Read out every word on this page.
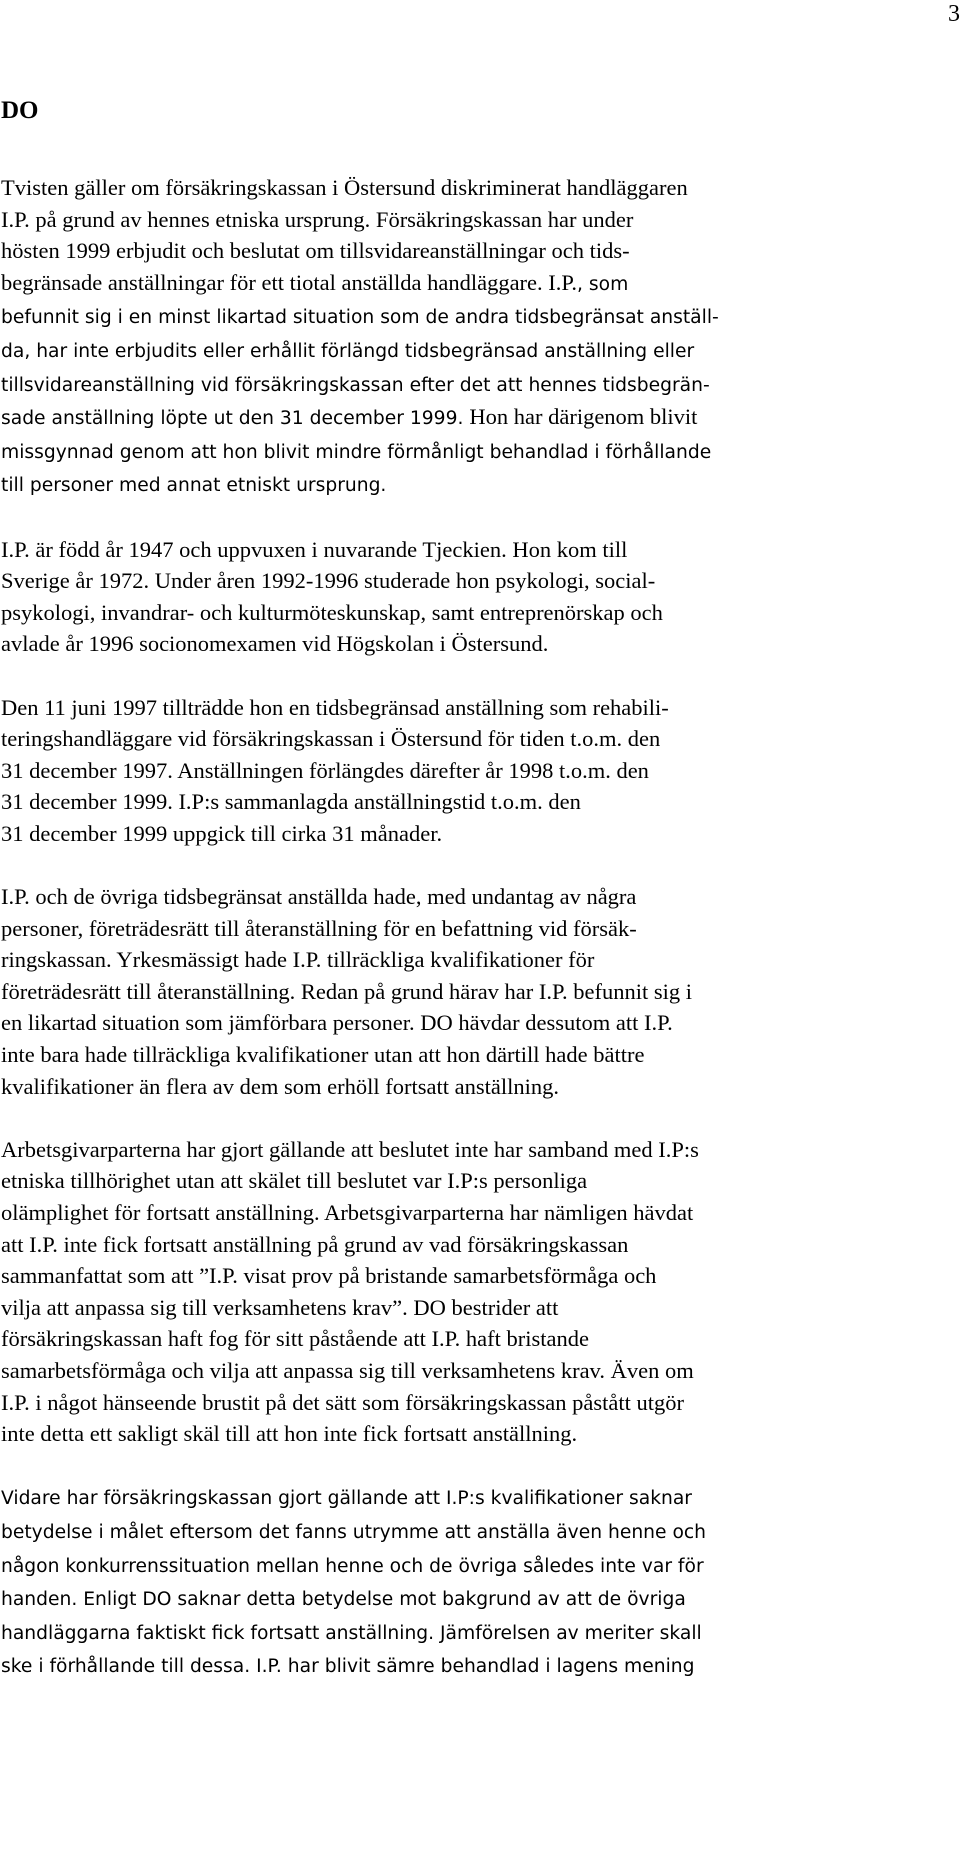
3
DO
Tvisten gäller om försäkringskassan i Östersund diskriminerat handläggaren
I.P. på grund av hennes etniska ursprung. Försäkringskassan har under
hösten 1999 erbjudit och beslutat om tillsvidareanställningar och tids-
begränsade anställningar för ett tiotal anställda handläggare. I.P., som
befunnit sig i en minst likartad situation som de andra tidsbegränsat anställ-
da, har inte erbjudits eller erhållit förlängd tidsbegränsad anställning eller
tillsvidareanställning vid försäkringskassan efter det att hennes tidsbegrän-
sade anställning löpte ut den 31 december 1999. Hon har därigenom blivit
missgynnad genom att hon blivit mindre förmånligt behandlad i förhållande
till personer med annat etniskt ursprung.
I.P. är född år 1947 och uppvuxen i nuvarande Tjeckien. Hon kom till
Sverige år 1972. Under åren 1992-1996 studerade hon psykologi, social-
psykologi, invandrar- och kulturmöteskunskap, samt entreprenörskap och
avlade år 1996 socionomexamen vid Högskolan i Östersund.
Den 11 juni 1997 tillträdde hon en tidsbegränsad anställning som rehabili-
teringshandläggare vid försäkringskassan i Östersund för tiden t.o.m. den
31 december 1997. Anställningen förlängdes därefter år 1998 t.o.m. den
31 december 1999. I.P:s sammanlagda anställningstid t.o.m. den
31 december 1999 uppgick till cirka 31 månader.
I.P. och de övriga tidsbegränsat anställda hade, med undantag av några
personer, företrädesrätt till återanställning för en befattning vid försäk-
ringskassan. Yrkesmässigt hade I.P. tillräckliga kvalifikationer för
företrädesrätt till återanställning. Redan på grund härav har I.P. befunnit sig i
en likartad situation som jämförbara personer. DO hävdar dessutom att I.P.
inte bara hade tillräckliga kvalifikationer utan att hon därtill hade bättre
kvalifikationer än flera av dem som erhöll fortsatt anställning.
Arbetsgivarparterna har gjort gällande att beslutet inte har samband med I.P:s
etniska tillhörighet utan att skälet till beslutet var I.P:s personliga
olämplighet för fortsatt anställning. Arbetsgivarparterna har nämligen hävdat
att I.P. inte fick fortsatt anställning på grund av vad försäkringskassan
sammanfattat som att ”I.P. visat prov på bristande samarbetsförmåga och
vilja att anpassa sig till verksamhetens krav”. DO bestrider att
försäkringskassan haft fog för sitt påstående att I.P. haft bristande
samarbetsförmåga och vilja att anpassa sig till verksamhetens krav. Även om
I.P. i något hänseende brustit på det sätt som försäkringskassan påstått utgör
inte detta ett sakligt skäl till att hon inte fick fortsatt anställning.
Vidare har försäkringskassan gjort gällande att I.P:s kvalifikationer saknar
betydelse i målet eftersom det fanns utrymme att anställa även henne och
någon konkurrenssituation mellan henne och de övriga således inte var för
handen. Enligt DO saknar detta betydelse mot bakgrund av att de övriga
handläggarna faktiskt fick fortsatt anställning. Jämförelsen av meriter skall
ske i förhållande till dessa. I.P. har blivit sämre behandlad i lagens mening
